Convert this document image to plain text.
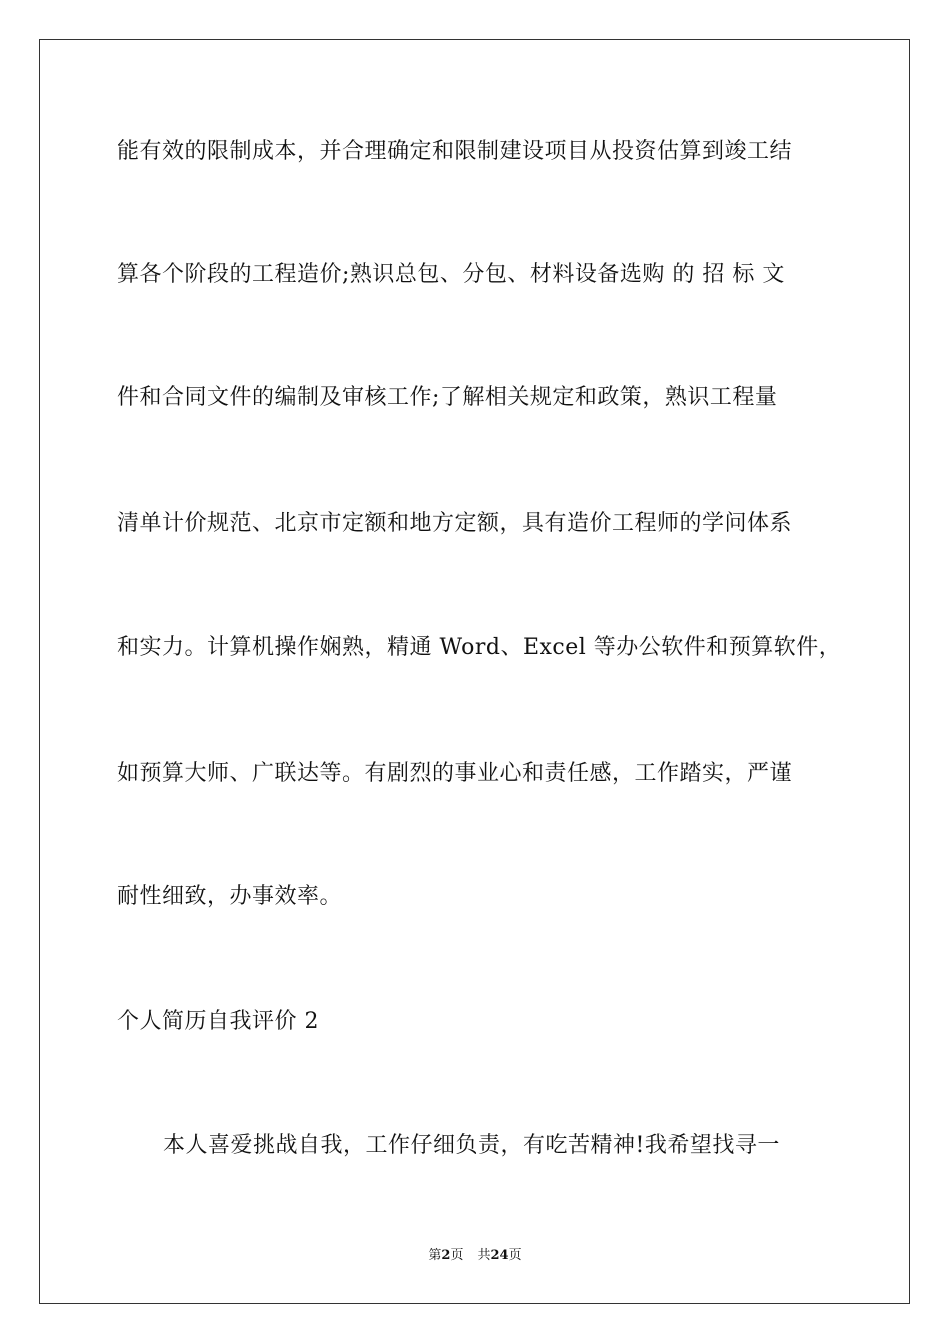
能有效的限制成本，并合理确定和限制建设项目从投资估算到竣工结
算各个阶段的工程造价;熟识总包、分包、材料设备选购 的 招 标 文
件和合同文件的编制及审核工作;了解相关规定和政策，熟识工程量
清单计价规范、北京市定额和地方定额，具有造价工程师的学问体系
和实力。计算机操作娴熟，精通 Word、Excel 等办公软件和预算软件，
如预算大师、广联达等。有剧烈的事业心和责任感，工作踏实，严谨
耐性细致，办事效率。
个人简历自我评价 2
本人喜爱挑战自我，工作仔细负责，有吃苦精神!我希望找寻一
第2页 共24页
